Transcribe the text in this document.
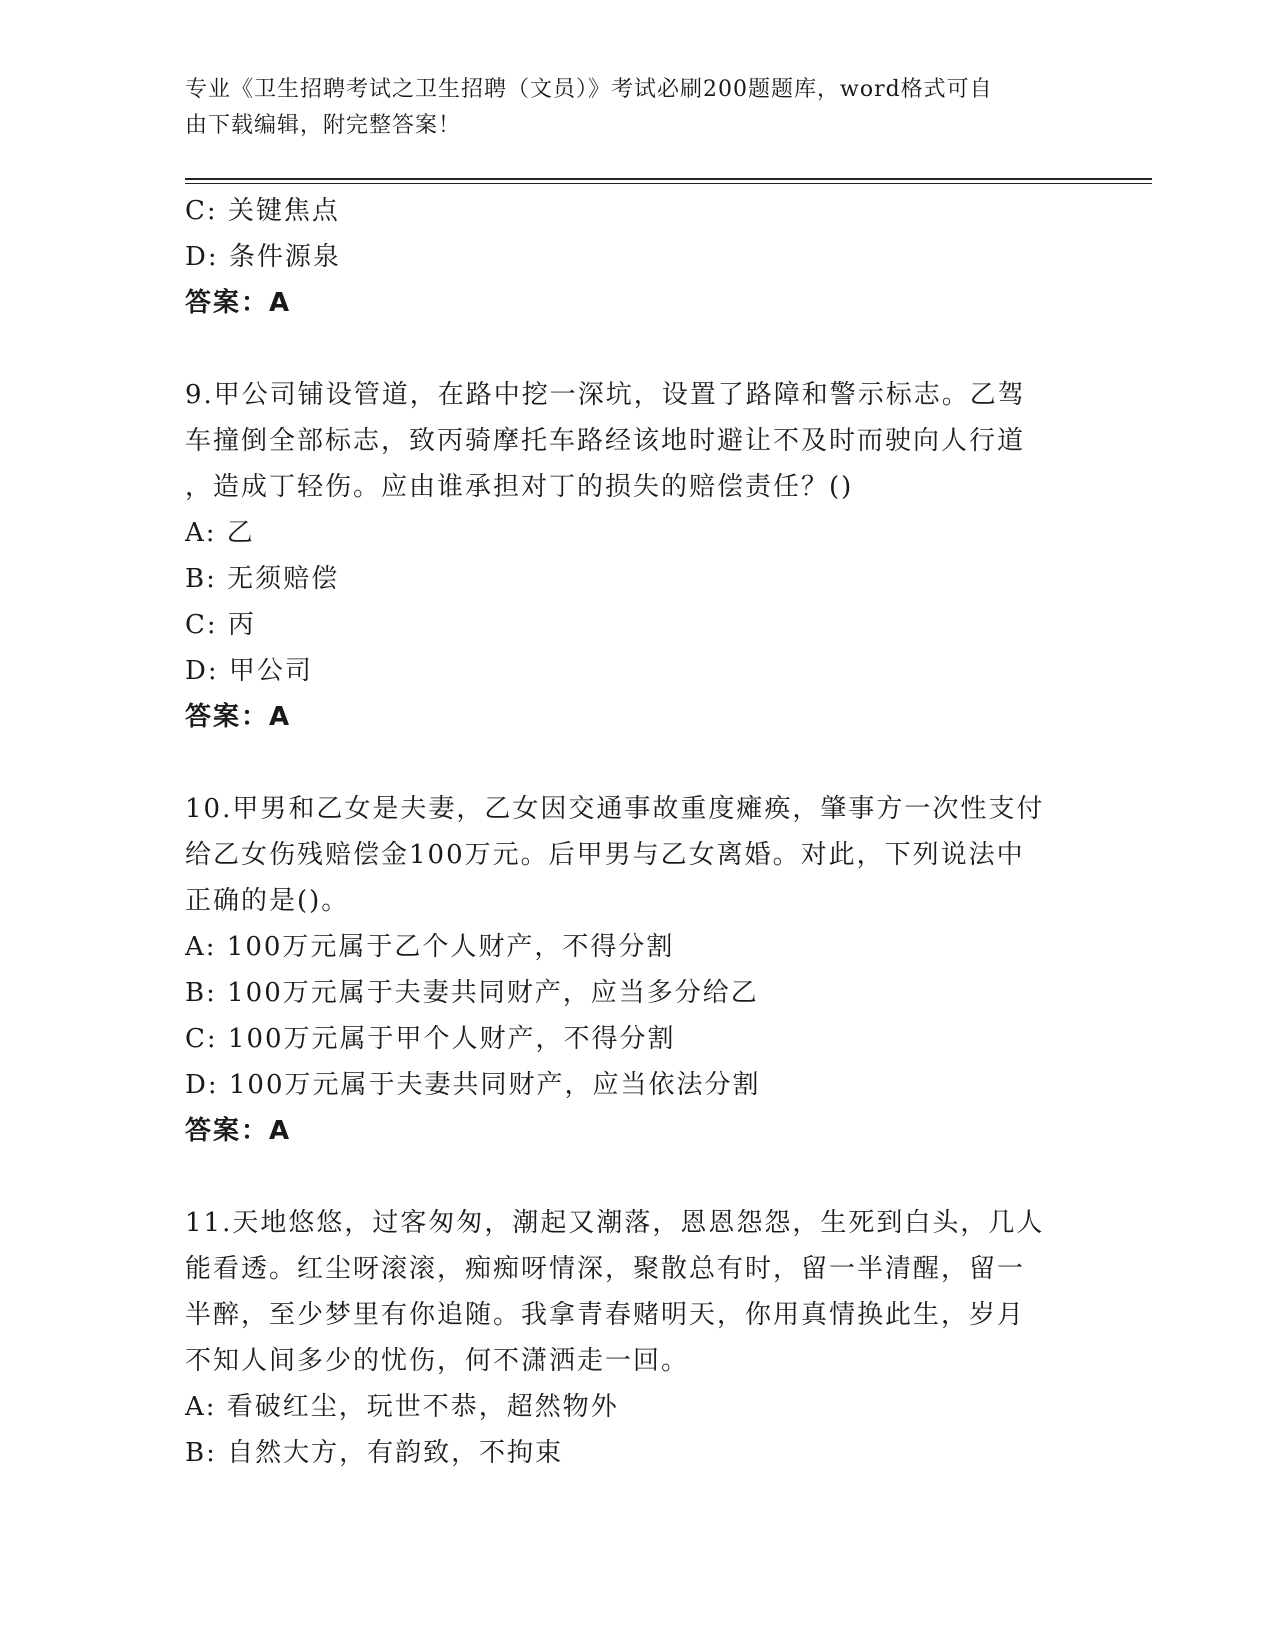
专业《卫生招聘考试之卫生招聘（文员）》考试必刷200题题库，word格式可自
由下载编辑，附完整答案！
C: 关键焦点
D: 条件源泉
答案：A
9.甲公司铺设管道，在路中挖一深坑，设置了路障和警示标志。乙驾
车撞倒全部标志，致丙骑摩托车路经该地时避让不及时而驶向人行道
，造成丁轻伤。应由谁承担对丁的损失的赔偿责任？()
A: 乙
B: 无须赔偿
C: 丙
D: 甲公司
答案：A
10.甲男和乙女是夫妻，乙女因交通事故重度瘫痪，肇事方一次性支付
给乙女伤残赔偿金100万元。后甲男与乙女离婚。对此，下列说法中
正确的是()。
A: 100万元属于乙个人财产，不得分割
B: 100万元属于夫妻共同财产，应当多分给乙
C: 100万元属于甲个人财产，不得分割
D: 100万元属于夫妻共同财产，应当依法分割
答案：A
11.天地悠悠，过客匆匆，潮起又潮落，恩恩怨怨，生死到白头，几人
能看透。红尘呀滚滚，痴痴呀情深，聚散总有时，留一半清醒，留一
半醉，至少梦里有你追随。我拿青春赌明天，你用真情换此生，岁月
不知人间多少的忧伤，何不潇洒走一回。
A: 看破红尘，玩世不恭，超然物外
B: 自然大方，有韵致，不拘束
